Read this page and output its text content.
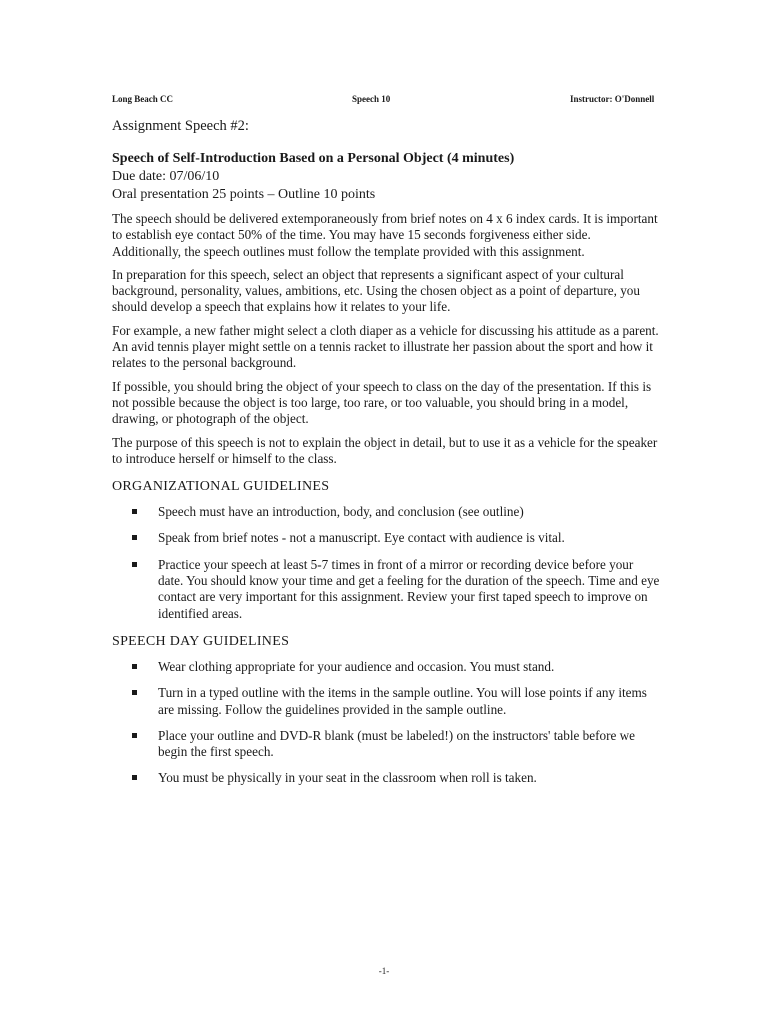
Long Beach CC	Speech 10	Instructor: O'Donnell
Assignment Speech #2:
Speech of Self-Introduction Based on a Personal Object (4 minutes)
Due date: 07/06/10
Oral presentation 25 points – Outline 10 points

The speech should be delivered extemporaneously from brief notes on 4 x 6 index cards. It is important to establish eye contact 50% of the time. You may have 15 seconds forgiveness either side. Additionally, the speech outlines must follow the template provided with this assignment.

In preparation for this speech, select an object that represents a significant aspect of your cultural background, personality, values, ambitions, etc. Using the chosen object as a point of departure, you should develop a speech that explains how it relates to your life.

For example, a new father might select a cloth diaper as a vehicle for discussing his attitude as a parent. An avid tennis player might settle on a tennis racket to illustrate her passion about the sport and how it relates to the personal background.

If possible, you should bring the object of your speech to class on the day of the presentation. If this is not possible because the object is too large, too rare, or too valuable, you should bring in a model, drawing, or photograph of the object.

The purpose of this speech is not to explain the object in detail, but to use it as a vehicle for the speaker to introduce herself or himself to the class.

ORGANIZATIONAL GUIDELINES
Speech must have an introduction, body, and conclusion (see outline)
Speak from brief notes - not a manuscript. Eye contact with audience is vital.
Practice your speech at least 5-7 times in front of a mirror or recording device before your date. You should know your time and get a feeling for the duration of the speech. Time and eye contact are very important for this assignment. Review your first taped speech to improve on identified areas.
SPEECH DAY GUIDELINES
Wear clothing appropriate for your audience and occasion. You must stand.
Turn in a typed outline with the items in the sample outline. You will lose points if any items are missing. Follow the guidelines provided in the sample outline.
Place your outline and DVD-R blank (must be labeled!) on the instructors' table before we begin the first speech.
You must be physically in your seat in the classroom when roll is taken.
-1-
